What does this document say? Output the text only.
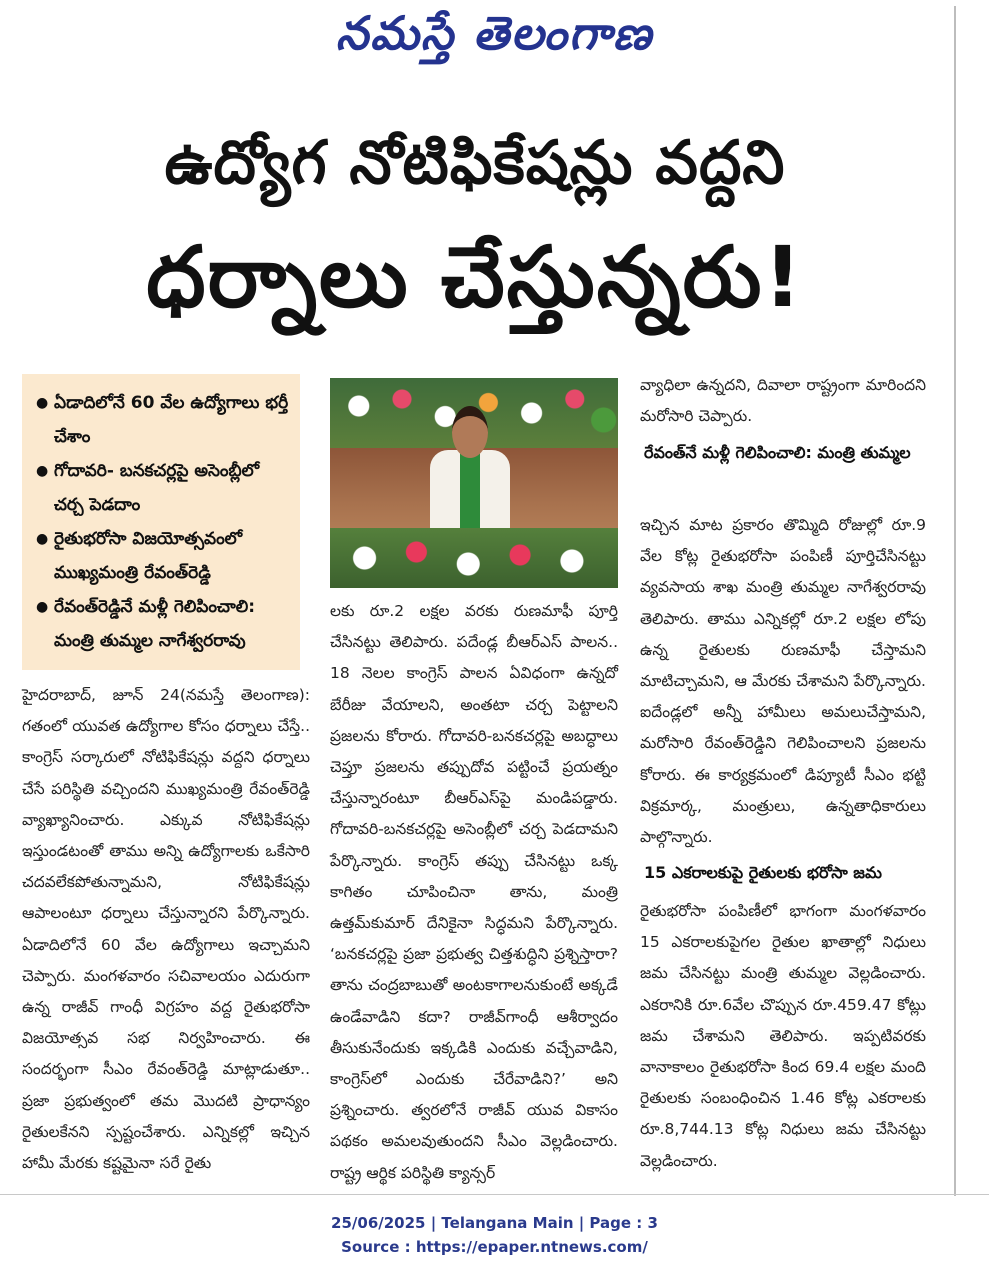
నమస్తే తెలంగాణ
ఉద్యోగ నోటిఫికేషన్లు వద్దని
ధర్నాలు చేస్తున్నరు!
● ఏడాదిలోనే 60 వేల ఉద్యోగాలు భర్తీ చేశాం
● గోదావరి- బనకచర్లపై అసెంబ్లీలో చర్చ పెడదాం
● రైతుభరోసా విజయోత్సవంలో ముఖ్యమంత్రి రేవంత్‌రెడ్డి
● రేవంత్‌రెడ్డినే మళ్లీ గెలిపించాలి: మంత్రి తుమ్మల నాగేశ్వరరావు
హైదరాబాద్‌, జూన్‌ 24(నమస్తే తెలంగాణ): గతంలో యువత ఉద్యోగాల కోసం ధర్నాలు చేస్తే.. కాంగ్రెస్‌ సర్కారులో నోటిఫికేషన్లు వద్దని ధర్నాలు చేసే పరిస్థితి వచ్చిందని ముఖ్యమంత్రి రేవంత్‌రెడ్డి వ్యాఖ్యానించారు. ఎక్కువ నోటిఫికేషన్లు ఇస్తుండటంతో తాము అన్ని ఉద్యోగాలకు ఒకేసారి చదవలేకపోతున్నామని, నోటిఫికేషన్లు ఆపాలంటూ ధర్నాలు చేస్తున్నారని పేర్కొన్నారు. ఏడాదిలోనే 60 వేల ఉద్యోగాలు ఇచ్చామని చెప్పారు. మంగళవారం సచివాలయం ఎదురుగా ఉన్న రాజీవ్‌ గాంధీ విగ్రహం వద్ద రైతుభరోసా విజయోత్సవ సభ నిర్వహించారు. ఈ సందర్భంగా సీఎం రేవంత్‌రెడ్డి మాట్లాడుతూ.. ప్రజా ప్రభుత్వంలో తమ మొదటి ప్రాధాన్యం రైతులకేనని స్పష్టంచేశారు. ఎన్నికల్లో ఇచ్చిన హామీ మేరకు కష్టమైనా సరే రైతు
లకు రూ.2 లక్షల వరకు రుణమాఫీ పూర్తి చేసినట్టు తెలిపారు. పదేండ్ల బీఆర్‌ఎస్‌ పాలన.. 18 నెలల కాంగ్రెస్‌ పాలన ఏవిధంగా ఉన్నదో బేరీజు వేయాలని, అంతటా చర్చ పెట్టాలని ప్రజలను కోరారు. గోదావరి-బనకచర్లపై అబద్ధాలు చెప్తూ ప్రజలను తప్పుదోవ పట్టించే ప్రయత్నం చేస్తున్నారంటూ బీఆర్‌ఎస్‌పై మండిపడ్డారు. గోదావరి-బనకచర్లపై అసెంబ్లీలో చర్చ పెడదామని పేర్కొన్నారు. కాంగ్రెస్‌ తప్పు చేసినట్టు ఒక్క కాగితం చూపించినా తాను, మంత్రి ఉత్తమ్‌కుమార్‌ దేనికైనా సిద్ధమని పేర్కొన్నారు. ‘బనకచర్లపై ప్రజా ప్రభుత్వ చిత్తశుద్ధిని ప్రశ్నిస్తారా?తాను చంద్రబాబుతో అంటకాగాలనుకుంటే అక్కడే ఉండేవాడిని కదా? రాజీవ్‌గాంధీ ఆశీర్వాదం తీసుకునేందుకు ఇక్కడికి ఎందుకు వచ్చేవాడిని, కాంగ్రెస్‌లో ఎందుకు చేరేవాడిని?’ అని ప్రశ్నించారు. త్వరలోనే రాజీవ్‌ యువ వికాసం పథకం అమలవుతుందని సీఎం వెల్లడించారు. రాష్ట్ర ఆర్థిక పరిస్థితి క్యాన్సర్‌
వ్యాధిలా ఉన్నదని, దివాలా రాష్ట్రంగా మారిందని మరోసారి చెప్పారు.
రేవంత్‌నే మళ్లీ గెలిపించాలి: మంత్రి తుమ్మల
ఇచ్చిన మాట ప్రకారం తొమ్మిది రోజుల్లో రూ.9 వేల కోట్ల రైతుభరోసా పంపిణీ పూర్తిచేసినట్టు వ్యవసాయ శాఖ మంత్రి తుమ్మల నాగేశ్వరరావు తెలిపారు. తాము ఎన్నికల్లో రూ.2 లక్షల లోపు ఉన్న రైతులకు రుణమాఫీ చేస్తామని మాటిచ్చామని, ఆ మేరకు చేశామని పేర్కొన్నారు. ఐదేండ్లలో అన్నీ హామీలు అమలుచేస్తామని, మరోసారి రేవంత్‌రెడ్డిని గెలిపించాలని ప్రజలను కోరారు. ఈ కార్యక్రమంలో డిప్యూటీ సీఎం భట్టి విక్రమార్క, మంత్రులు, ఉన్నతాధికారులు పాల్గొన్నారు.
15 ఎకరాలకుపై రైతులకు భరోసా జమ
రైతుభరోసా పంపిణీలో భాగంగా మంగళవారం 15 ఎకరాలకుపైగల రైతుల ఖాతాల్లో నిధులు జమ చేసినట్టు మంత్రి తుమ్మల వెల్లడించారు. ఎకరానికి రూ.6వేల చొప్పున రూ.459.47 కోట్లు జమ చేశామని తెలిపారు. ఇప్పటివరకు వానాకాలం రైతుభరోసా కింద 69.4 లక్షల మంది రైతులకు సంబంధించిన 1.46 కోట్ల ఎకరాలకు రూ.8,744.13 కోట్ల నిధులు జమ చేసినట్టు వెల్లడించారు.
25/06/2025 | Telangana Main | Page : 3
Source : https://epaper.ntnews.com/
